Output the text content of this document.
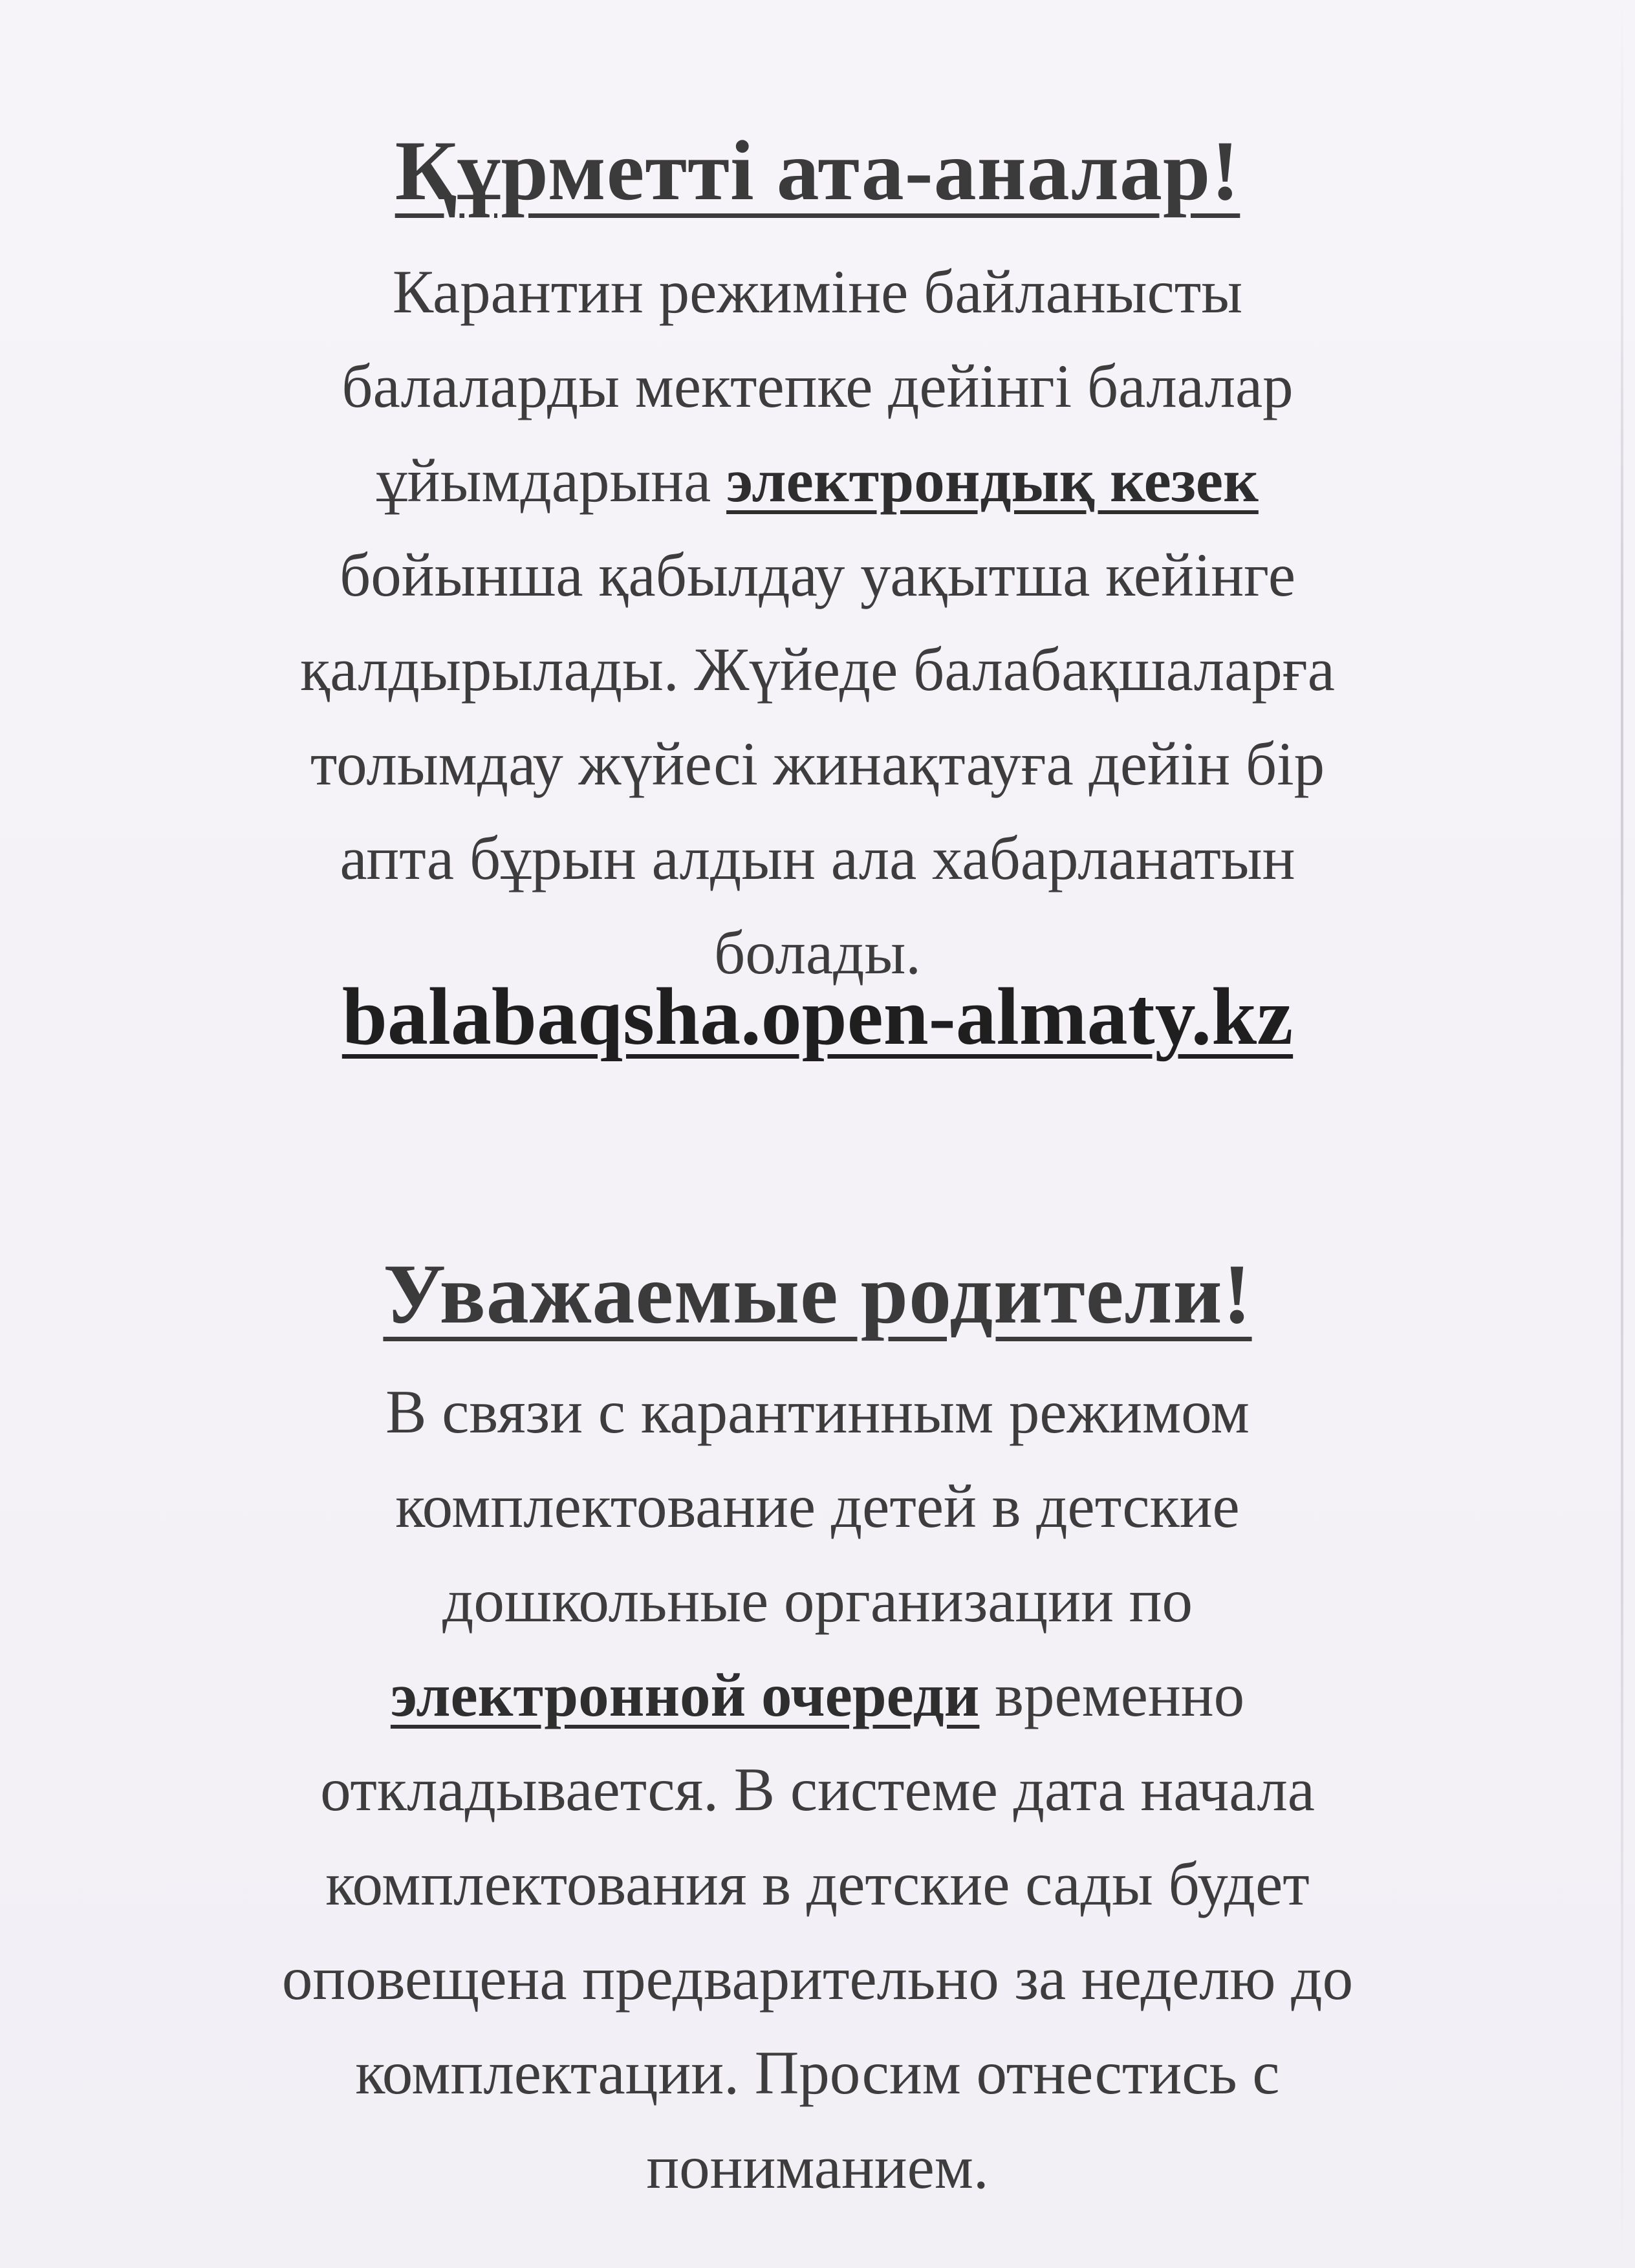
Құрметті ата-аналар!
Карантин режиміне байланысты
балаларды мектепке дейінгі балалар
ұйымдарына электрондық кезек
бойынша қабылдау уақытша кейінге
қалдырылады. Жүйеде балабақшаларға
толымдау жүйесі жинақтауға дейін бір
апта бұрын алдын ала хабарланатын
болады.
balabaqsha.open-almaty.kz
Уважаемые родители!
В связи с карантинным режимом
комплектование детей в детские
дошкольные организации по
электронной очереди временно
откладывается. В системе дата начала
комплектования в детские сады будет
оповещена предварительно за неделю до
комплектации. Просим отнестись с
пониманием.
